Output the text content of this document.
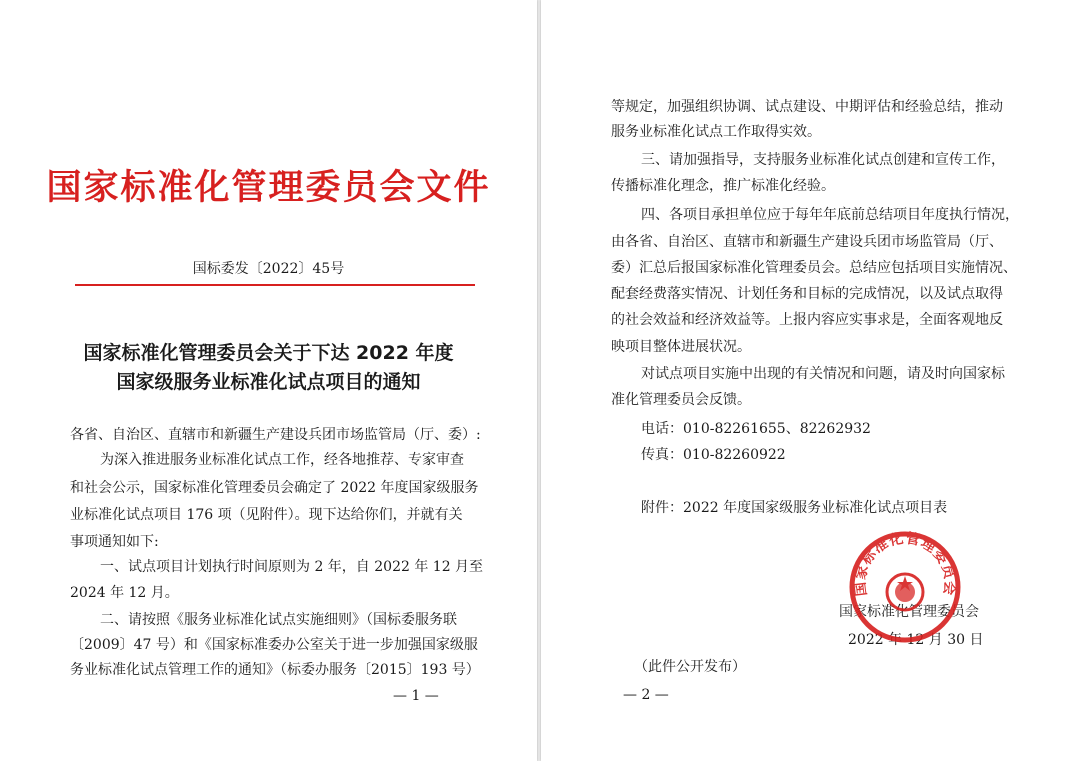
国家标准化管理委员会文件
国标委发〔2022〕45号
国家标准化管理委员会关于下达 2022 年度
国家级服务业标准化试点项目的通知
各省、自治区、直辖市和新疆生产建设兵团市场监管局（厅、委）:
为深入推进服务业标准化试点工作，经各地推荐、专家审查
和社会公示，国家标准化管理委员会确定了 2022 年度国家级服务
业标准化试点项目 176 项（见附件）。现下达给你们，并就有关
事项通知如下:
一、试点项目计划执行时间原则为 2 年，自 2022 年 12 月至
2024 年 12 月。
二、请按照《服务业标准化试点实施细则》（国标委服务联
〔2009〕47 号）和《国家标准委办公室关于进一步加强国家级服
务业标准化试点管理工作的通知》（标委办服务〔2015〕193 号）
— 1 —
等规定，加强组织协调、试点建设、中期评估和经验总结，推动
服务业标准化试点工作取得实效。
三、请加强指导，支持服务业标准化试点创建和宣传工作，
传播标准化理念，推广标准化经验。
四、各项目承担单位应于每年年底前总结项目年度执行情况，
由各省、自治区、直辖市和新疆生产建设兵团市场监管局（厅、
委）汇总后报国家标准化管理委员会。总结应包括项目实施情况、
配套经费落实情况、计划任务和目标的完成情况，以及试点取得
的社会效益和经济效益等。上报内容应实事求是，全面客观地反
映项目整体进展状况。
对试点项目实施中出现的有关情况和问题，请及时向国家标
准化管理委员会反馈。
电话：010-82261655、82262932
传真：010-82260922
附件：2022 年度国家级服务业标准化试点项目表
国家标准化管理委员会
2022 年 12 月 30 日
（此件公开发布）
— 2 —
国家标准化管理委员会
